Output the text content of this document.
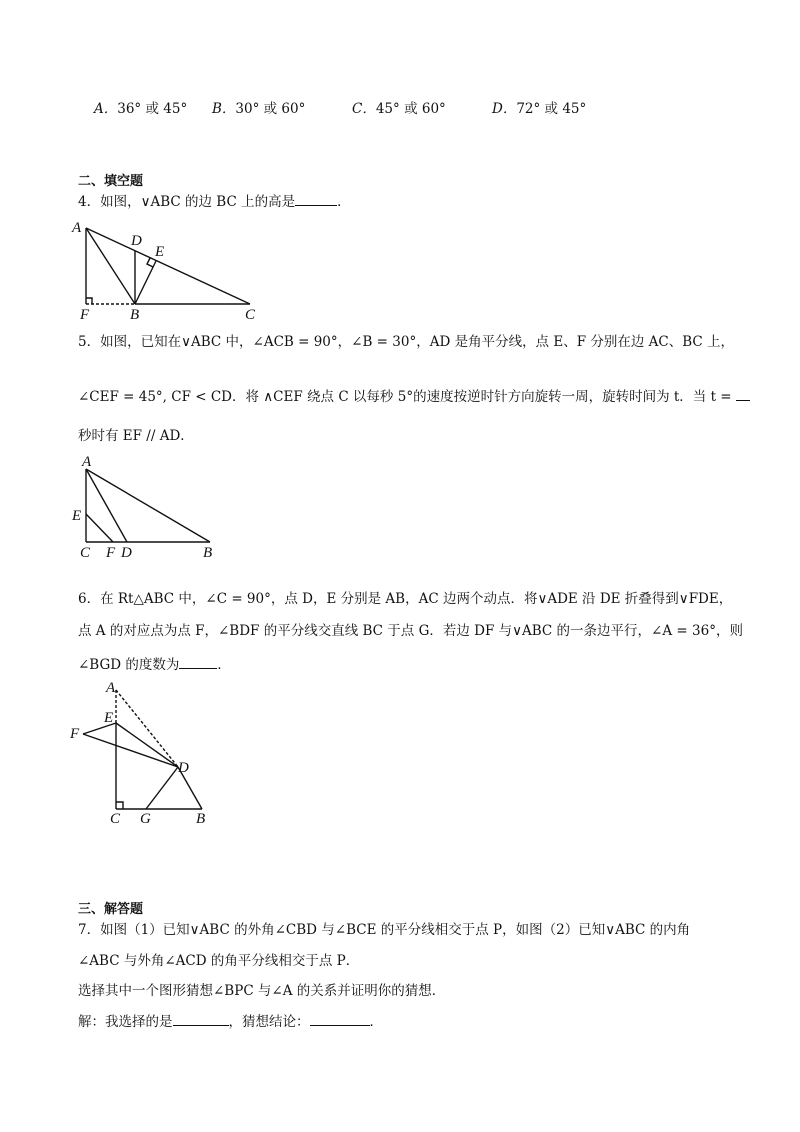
A．36° 或 45° B．30° 或 60°	C．45° 或 60°	D．72° 或 45°
二、填空题
4．如图，∨ABC 的边 BC 上的高是	．
A
D
E
F	B	C
5．如图，已知在∨ABC 中，∠ACB = 90°，∠B = 30°，AD 是角平分线，点 E、F 分别在边 AC、BC 上，
∠CEF = 45°, CF < CD．将 ∧CEF 绕点 C 以每秒 5°的速度按逆时针方向旋转一周，旋转时间为 t．当 t =
秒时有 EF // AD．
A
E
C F D	B
6．在 Rt△ABC 中，∠C = 90°，点 D，E 分别是 AB，AC 边两个动点．将∨ADE 沿 DE 折叠得到∨FDE，
点 A 的对应点为点 F，∠BDF 的平分线交直线 BC 于点 G．若边 DF 与∨ABC 的一条边平行，∠A = 36°，则
∠BGD 的度数为	．
A
E
F
D
C G	B
三、解答题
7．如图（1）已知∨ABC 的外角∠CBD 与∠BCE 的平分线相交于点 P，如图（2）已知∨ABC 的内角
∠ABC 与外角∠ACD 的角平分线相交于点 P．
选择其中一个图形猜想∠BPC 与∠A 的关系并证明你的猜想．
解：我选择的是	，猜想结论：	．
